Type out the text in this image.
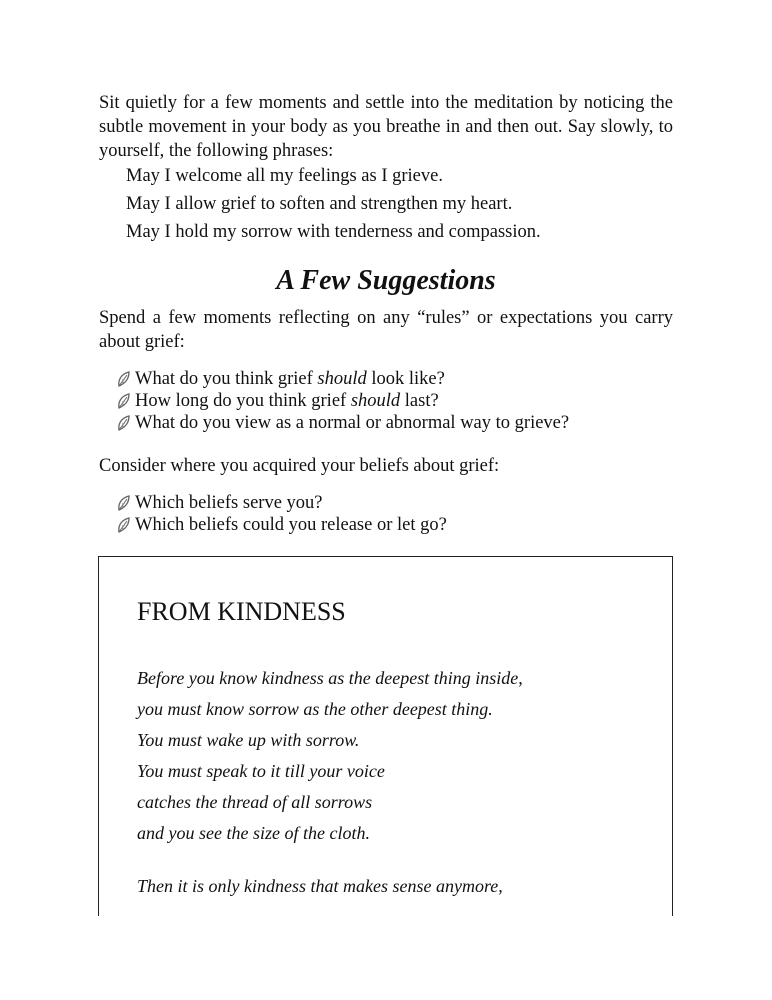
Sit quietly for a few moments and settle into the meditation by noticing the subtle movement in your body as you breathe in and then out. Say slowly, to yourself, the following phrases:

May I welcome all my feelings as I grieve.

May I allow grief to soften and strengthen my heart.

May I hold my sorrow with tenderness and compassion.

A Few Suggestions

Spend a few moments reflecting on any “rules” or expectations you carry about grief:

What do you think grief should look like?
How long do you think grief should last?
What do you view as a normal or abnormal way to grieve?

Consider where you acquired your beliefs about grief:

Which beliefs serve you?
Which beliefs could you release or let go?
FROM KINDNESS

Before you know kindness as the deepest thing inside,

you must know sorrow as the other deepest thing.

You must wake up with sorrow.

You must speak to it till your voice

catches the thread of all sorrows

and you see the size of the cloth.

Then it is only kindness that makes sense anymore,
